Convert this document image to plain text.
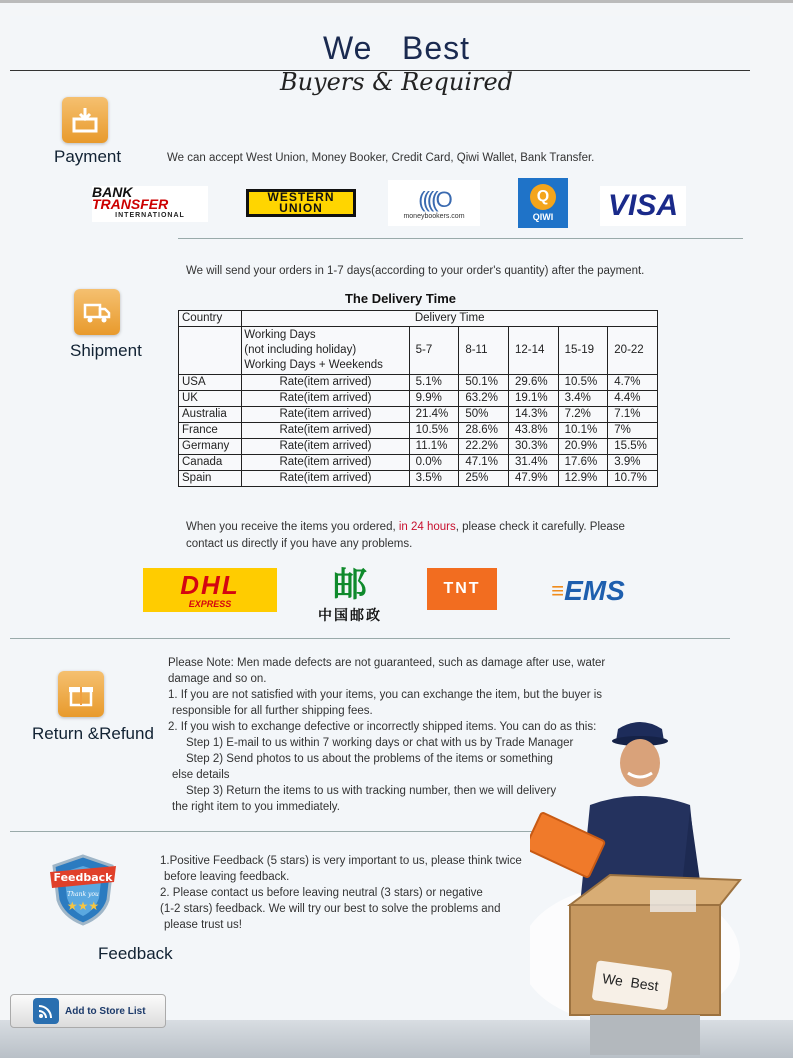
We   Best
Buyers & Required
Payment	We can accept West Union, Money Booker, Credit Card, Qiwi Wallet, Bank Transfer.
BANK TRANSFER
INTERNATIONAL
WESTERN
UNION	((((O
moneybookers.com
Q
QIWI VIS A
We will send your orders in 1-7 days(according to your order's quantity) after the payment.
Shipment
The Delivery Time
Country	Delivery Time					

	Working Days
(not including holiday)
Working Days + Weekends	5-7	8-11	12-14	15-19	20-22
USA	Rate(item arrived)	5.1%	50.1%	29.6%	10.5%	4.7%
UK	Rate(item arrived)	9.9%	63.2%	19.1%	3.4%	4.4%
Australia	Rate(item arrived)	21.4%	50%	14.3%	7.2%	7.1%
France	Rate(item arrived)	10.5%	28.6%	43.8%	10.1%	7%
Germany	Rate(item arrived)	11.1%	22.2%	30.3%	20.9%	15.5%
Canada	Rate(item arrived)	0.0%	47.1%	31.4%	17.6%	3.9%
Spain	Rate(item arrived)	3.5%	25%	47.9%	12.9%	10.7%
When you receive the items you ordered, in 24 hours, please check it carefully. Please
contact us directly if you have any problems.
DHL
EXPRESS	邮
中国邮政
TNT	≡ EMS
Return &Refund
Please Note: Men made defects are not guaranteed, such as damage after use, water
damage and so on.
1. If you are not satisfied with your items, you can exchange the item, but the buyer is
responsible for all further shipping fees.
2. If you wish to exchange defective or incorrectly shipped items. You can do as this:
Step 1) E-mail to us within 7 working days or chat with us by Trade Manager
Step 2) Send photos to us about the problems of the items or something
else details
Step 3) Return the items to us with tracking number, then we will delivery
the right item to you immediately.
Feedback
Thank you
★★★
Feedback
1.Positive Feedback (5 stars) is very important to us, please think twice
before leaving feedback.
2. Please contact us before leaving neutral (3 stars) or negative
(1-2 stars) feedback. We will try our best to solve the problems and
please trust us!
We  Best
Add to Store List
